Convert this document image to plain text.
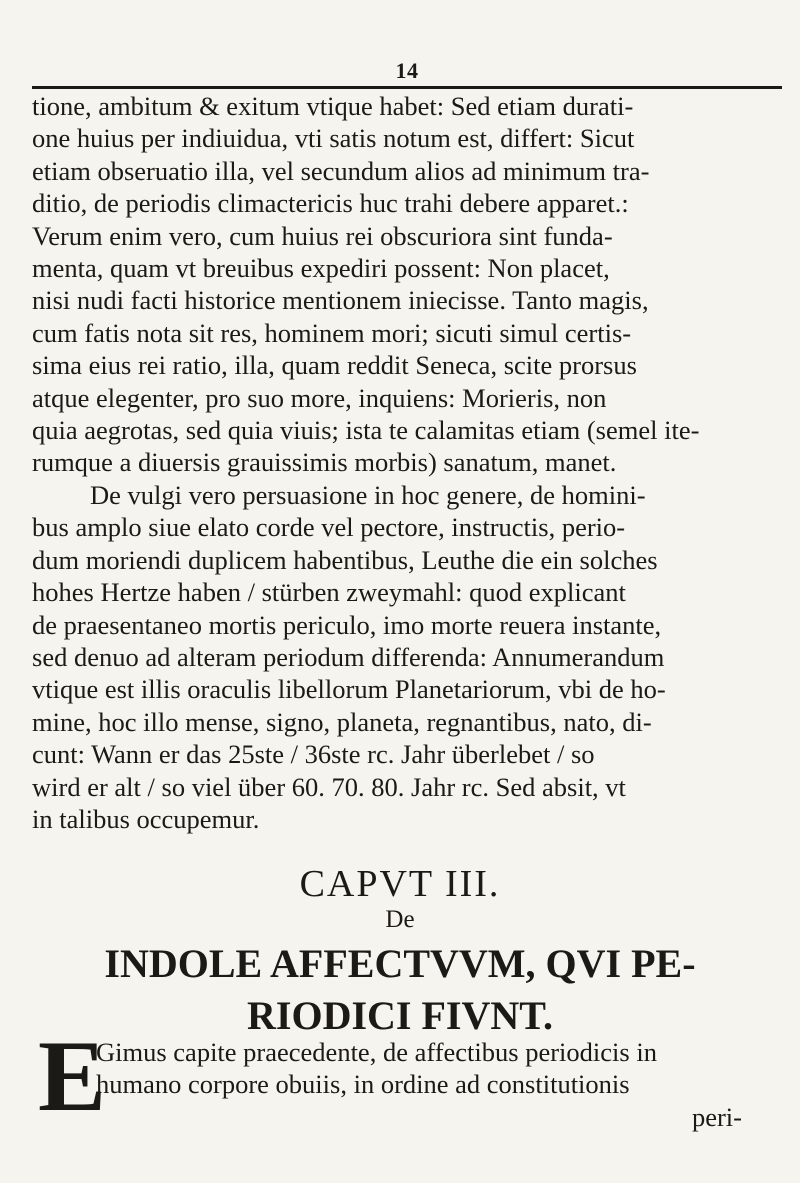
14

tione, ambitum & exitum vtique habet: Sed etiam durati-

one huius per indiuidua, vti satis notum est, differt: Sicut

etiam obseruatio illa, vel secundum alios ad minimum tra-

ditio, de periodis climactericis huc trahi debere apparet.:

Verum enim vero, cum huius rei obscuriora sint funda-

menta, quam vt breuibus expediri possent: Non placet,

nisi nudi facti historice mentionem iniecisse. Tanto magis,

cum fatis nota sit res, hominem mori; sicuti simul certis-

sima eius rei ratio, illa, quam reddit Seneca, scite prorsus

atque elegenter, pro suo more, inquiens: Morieris, non

quia aegrotas, sed quia viuis; ista te calamitas etiam (semel ite-

rumque a diuersis grauissimis morbis) sanatum, manet.

De vulgi vero persuasione in hoc genere, de homini-

bus amplo siue elato corde vel pectore, instructis, perio-

dum moriendi duplicem habentibus, Leuthe die ein solches

hohes Hertze haben / stürben zweymahl: quod explicant

de praesentaneo mortis periculo, imo morte reuera instante,

sed denuo ad alteram periodum differenda: Annumerandum

vtique est illis oraculis libellorum Planetariorum, vbi de ho-

mine, hoc illo mense, signo, planeta, regnantibus, nato, di-

cunt: Wann er das 25ste / 36ste rc. Jahr überlebet / so

wird er alt / so viel über 60. 70. 80. Jahr rc. Sed absit, vt

in talibus occupemur.

CAPVT III.
De
INDOLE AFFECTVVM, QVI PE-
RIODICI FIVNT.
E
Gimus capite praecedente, de affectibus periodicis in
humano corpore obuiis, in ordine ad constitutionis
peri-
